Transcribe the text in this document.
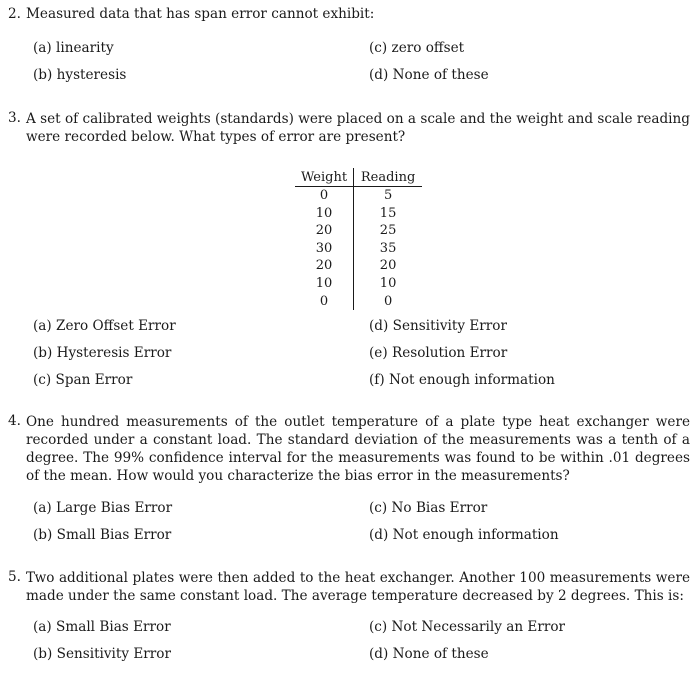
2. Measured data that has span error cannot exhibit:
(a) linearity
(b) hysteresis
(c) zero offset
(d) None of these
3. A set of calibrated weights (standards) were placed on a scale and the weight and scale reading were recorded below. What types of error are present?
Weight	Reading
0	5
10	15
20	25
30	35
20	20
10	10
0	0
(a) Zero Offset Error
(b) Hysteresis Error
(c) Span Error
(d) Sensitivity Error
(e) Resolution Error
(f) Not enough information
4. One hundred measurements of the outlet temperature of a plate type heat exchanger were recorded under a constant load. The standard deviation of the measurements was a tenth of a degree. The 99% confidence interval for the measurements was found to be within .01 degrees of the mean. How would you characterize the bias error in the measurements?
(a) Large Bias Error
(b) Small Bias Error
(c) No Bias Error
(d) Not enough information
5. Two additional plates were then added to the heat exchanger. Another 100 measurements were made under the same constant load. The average temperature decreased by 2 degrees. This is:
(a) Small Bias Error
(b) Sensitivity Error
(c) Not Necessarily an Error
(d) None of these
